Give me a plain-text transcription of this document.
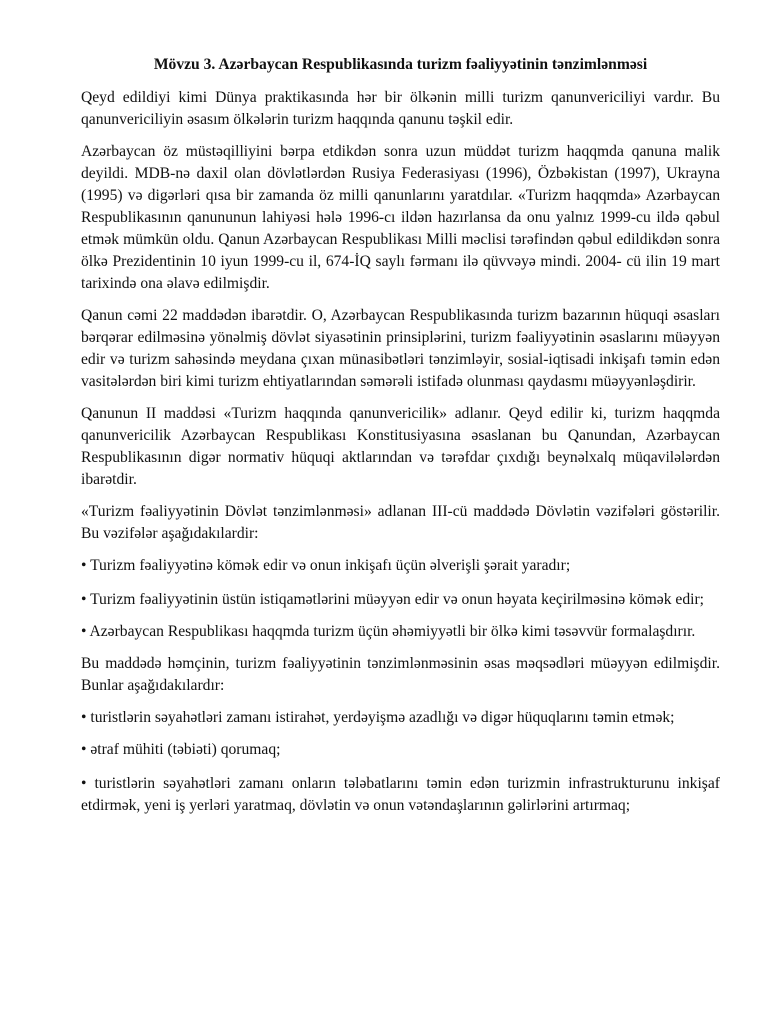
Mövzu 3. Azərbaycan Respublikasında turizm fəaliyyətinin tənzimlənməsi

Qeyd edildiyi kimi Dünya praktikasında hər bir ölkənin milli turizm qanunvericiliyi vardır. Bu qanunvericiliyin əsasım ölkələrin turizm haqqında qanunu təşkil edir.

Azərbaycan öz müstəqilliyini bərpa etdikdən sonra uzun müddət turizm haqqmda qanuna malik deyildi. MDB-nə daxil olan dövlətlərdən Rusiya Federasiyası (1996), Özbəkistan (1997), Ukrayna (1995) və digərləri qısa bir zamanda öz milli qanunlarını yaratdılar. «Turizm haqqmda» Azərbaycan Respublikasının qanununun lahiyəsi hələ 1996-cı ildən hazırlansa da onu yalnız 1999-cu ildə qəbul etmək mümkün oldu. Qanun Azərbaycan Respublikası Milli məclisi tərəfindən qəbul edildikdən sonra ölkə Prezidentinin 10 iyun 1999-cu il, 674-İQ saylı fərmanı ilə qüvvəyə mindi. 2004- cü ilin 19 mart tarixində ona əlavə edilmişdir.

Qanun cəmi 22 maddədən ibarətdir. O, Azərbaycan Respublikasında turizm bazarının hüquqi əsasları bərqərar edilməsinə yönəlmiş dövlət siyasətinin prinsiplərini, turizm fəaliyyətinin əsaslarını müəyyən edir və turizm sahəsində meydana çıxan münasibətləri tənzimləyir, sosial-iqtisadi inkişafı təmin edən vasitələrdən biri kimi turizm ehtiyatlarından səmərəli istifadə olunması qaydasmı müəyyənləşdirir.

Qanunun II maddəsi «Turizm haqqında qanunvericilik» adlanır. Qeyd edilir ki, turizm haqqmda qanunvericilik Azərbaycan Respublikası Konstitusiyasına əsaslanan bu Qanundan, Azərbaycan Respublikasının digər normativ hüquqi aktlarından və tərəfdar çıxdığı beynəlxalq müqavilələrdən ibarətdir.

«Turizm fəaliyyətinin Dövlət tənzimlənməsi» adlanan III-cü maddədə Dövlətin vəzifələri göstərilir. Bu vəzifələr aşağıdakılardir:

• Turizm fəaliyyətinə kömək edir və onun inkişafı üçün əlverişli şərait yaradır;

• Turizm fəaliyyətinin üstün istiqamətlərini müəyyən edir və onun həyata keçirilməsinə kömək edir;

• Azərbaycan Respublikası haqqmda turizm üçün əhəmiyyətli bir ölkə kimi təsəvvür formalaşdırır.

Bu maddədə həmçinin, turizm fəaliyyətinin tənzimlənməsinin əsas məqsədləri müəyyən edilmişdir. Bunlar aşağıdakılardır:

• turistlərin səyahətləri zamanı istirahət, yerdəyişmə azadlığı və digər hüquqlarını təmin etmək;

• ətraf mühiti (təbiəti) qorumaq;

• turistlərin səyahətləri zamanı onların tələbatlarını təmin edən turizmin infrastrukturunu inkişaf etdirmək, yeni iş yerləri yaratmaq, dövlətin və onun vətəndaşlarının gəlirlərini artırmaq;
